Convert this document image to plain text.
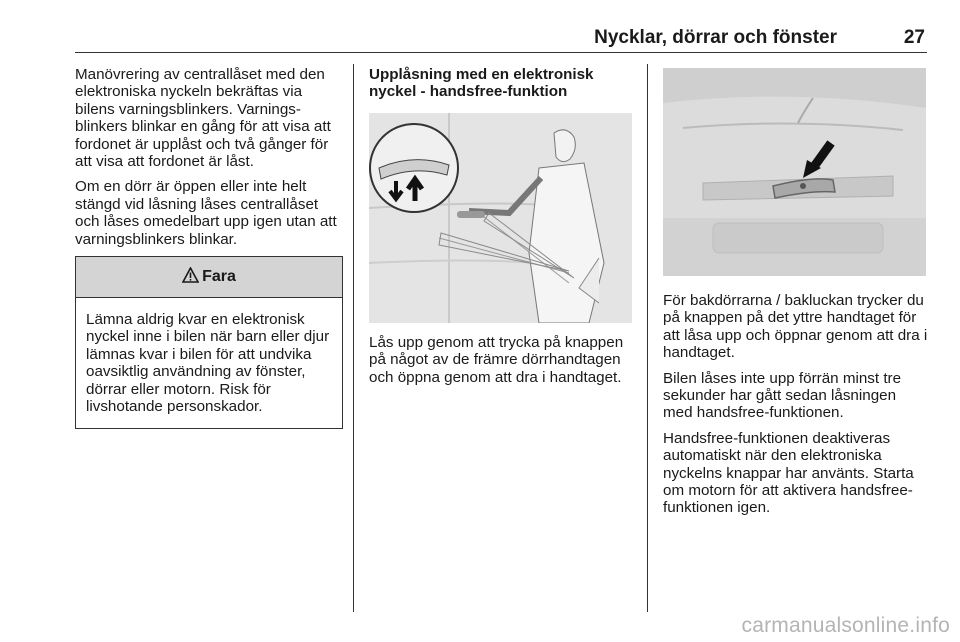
Nycklar, dörrar och fönster	27

Manövrering av centrallåset med den elektroniska nyckeln bekräftas via bilens varningsblinkers. Varningsblinkers blinkar en gång för att visa att fordonet är upplåst och två gånger för att visa att fordonet är låst.

Om en dörr är öppen eller inte helt stängd vid låsning låses centrallåset och låses omedelbart upp igen utan att varningsblinkers blinkar.

Fara
Lämna aldrig kvar en elektronisk nyckel inne i bilen när barn eller djur lämnas kvar i bilen för att undvika oavsiktlig användning av fönster, dörrar eller motorn. Risk för livshotande personskador.

Upplåsning med en elektronisk nyckel - handsfree-funktion

Lås upp genom att trycka på knappen på något av de främre dörrhandtagen och öppna genom att dra i handtaget.

För bakdörrarna / bakluckan trycker du på knappen på det yttre handtaget för att låsa upp och öppnar genom att dra i handtaget.

Bilen låses inte upp förrän minst tre sekunder har gått sedan låsningen med handsfree-funktionen.

Handsfree-funktionen deaktiveras automatiskt när den elektroniska nyckelns knappar har använts. Starta om motorn för att aktivera handsfree-funktionen igen.

carmanualsonline.info
